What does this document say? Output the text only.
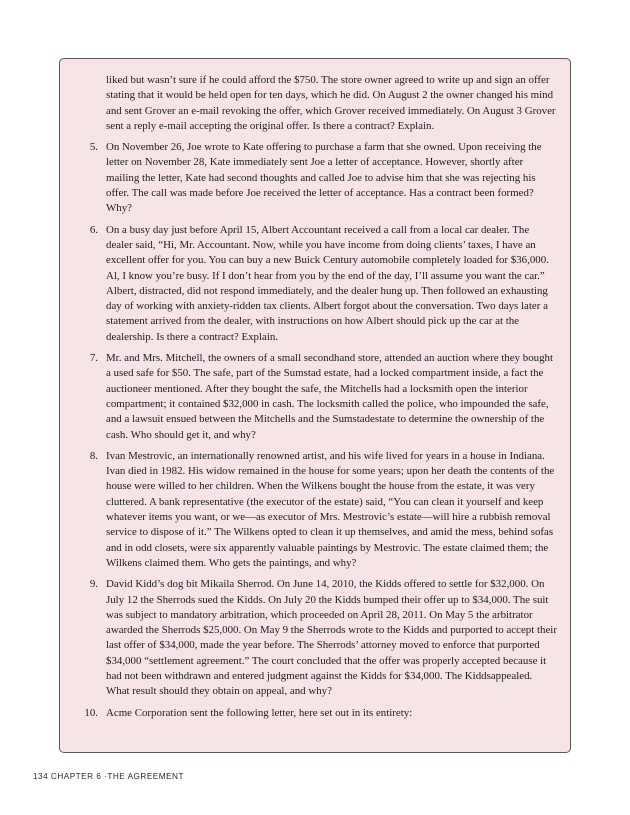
liked but wasn’t sure if he could afford the $750. The store owner agreed to write up and sign an offer stating that it would be held open for ten days, which he did. On August 2 the owner changed his mind and sent Grover an e-mail revoking the offer, which Grover received immediately. On August 3 Grover sent a reply e-mail accepting the original offer. Is there a contract? Explain.

5. On November 26, Joe wrote to Kate offering to purchase a farm that she owned. Upon receiving the letter on November 28, Kate immediately sent Joe a letter of acceptance. However, shortly after mailing the letter, Kate had second thoughts and called Joe to advise him that she was rejecting his offer. The call was made before Joe received the letter of acceptance. Has a contract been formed? Why?

6. On a busy day just before April 15, Albert Accountant received a call from a local car dealer. The dealer said, “Hi, Mr. Accountant. Now, while you have income from doing clients’ taxes, I have an excellent offer for you. You can buy a new Buick Century automobile completely loaded for $36,000. Al, I know you’re busy. If I don’t hear from you by the end of the day, I’ll assume you want the car.” Albert, distracted, did not respond immediately, and the dealer hung up. Then followed an exhausting day of working with anxiety-ridden tax clients. Albert forgot about the conversation. Two days later a statement arrived from the dealer, with instructions on how Albert should pick up the car at the dealership. Is there a contract? Explain.

7. Mr. and Mrs. Mitchell, the owners of a small secondhand store, attended an auction where they bought a used safe for $50. The safe, part of the Sumstad estate, had a locked compartment inside, a fact the auctioneer mentioned. After they bought the safe, the Mitchells had a locksmith open the interior compartment; it contained $32,000 in cash. The locksmith called the police, who impounded the safe, and a lawsuit ensued between the Mitchells and the Sumstadestate to determine the ownership of the cash. Who should get it, and why?

8. Ivan Mestrovic, an internationally renowned artist, and his wife lived for years in a house in Indiana. Ivan died in 1982. His widow remained in the house for some years; upon her death the contents of the house were willed to her children. When the Wilkens bought the house from the estate, it was very cluttered. A bank representative (the executor of the estate) said, “You can clean it yourself and keep whatever items you want, or we—as executor of Mrs. Mestrovic’s estate—will hire a rubbish removal service to dispose of it.” The Wilkens opted to clean it up themselves, and amid the mess, behind sofas and in odd closets, were six apparently valuable paintings by Mestrovic. The estate claimed them; the Wilkens claimed them. Who gets the paintings, and why?

9. David Kidd’s dog bit Mikaila Sherrod. On June 14, 2010, the Kidds offered to settle for $32,000. On July 12 the Sherrods sued the Kidds. On July 20 the Kidds bumped their offer up to $34,000. The suit was subject to mandatory arbitration, which proceeded on April 28, 2011. On May 5 the arbitrator awarded the Sherrods $25,000. On May 9 the Sherrods wrote to the Kidds and purported to accept their last offer of $34,000, made the year before. The Sherrods’ attorney moved to enforce that purported $34,000 “settlement agreement.” The court concluded that the offer was properly accepted because it had not been withdrawn and entered judgment against the Kidds for $34,000. The Kiddsappealed. What result should they obtain on appeal, and why?

10. Acme Corporation sent the following letter, here set out in its entirety:

134 CHAPTER 6 ·THE AGREEMENT
